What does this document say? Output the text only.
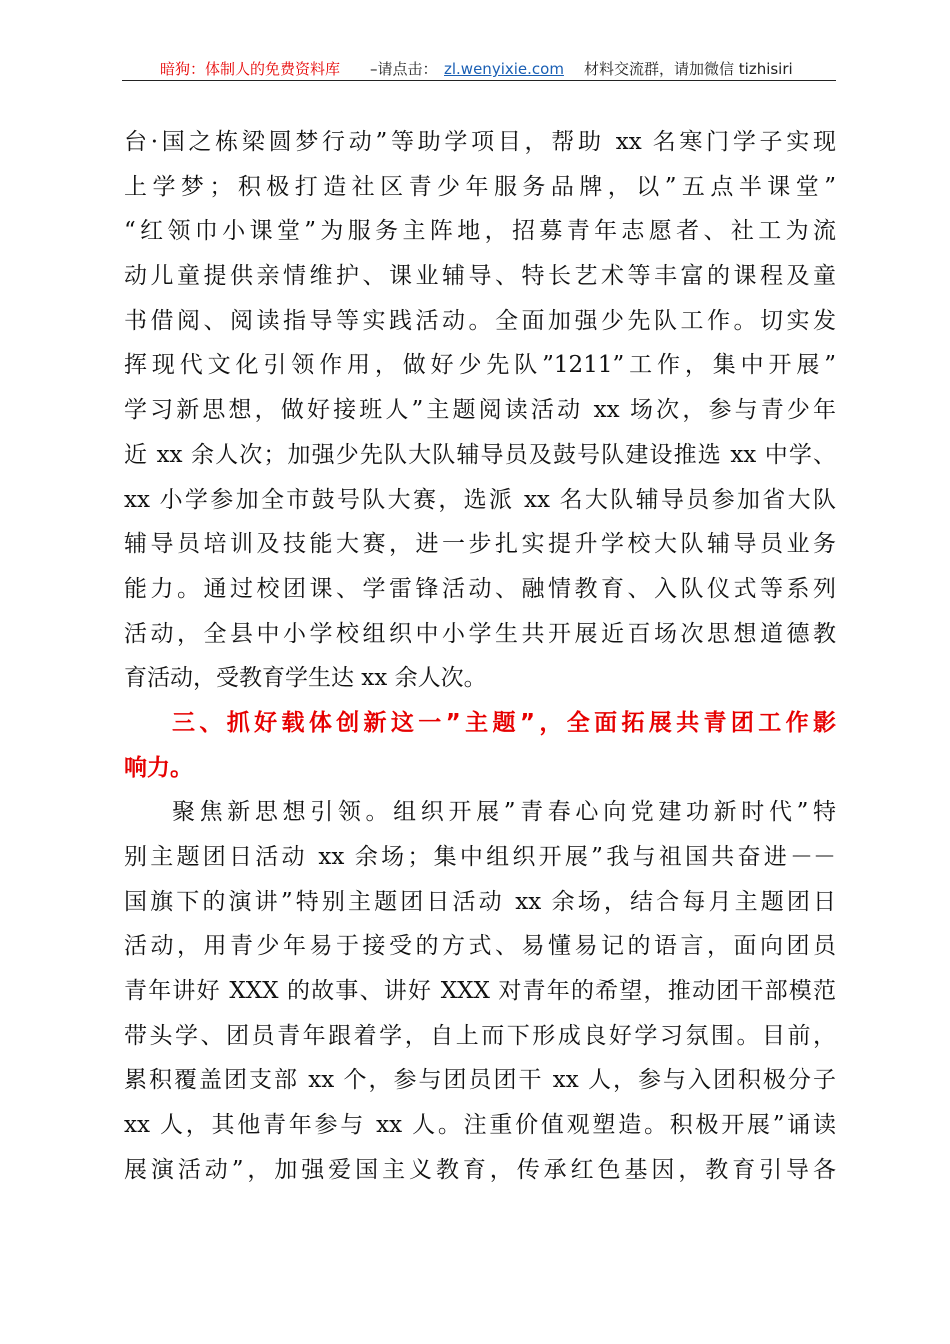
暗狗：体制人的免费资料库 –请点击： zl.wenyixie.com 材料交流群，请加微信 tizhisiri
台·国之栋梁圆梦行动”等助学项目，帮助 xx 名寒门学子实现
上学梦；积极打造社区青少年服务品牌，以”五点半课堂”
“红领巾小课堂”为服务主阵地，招募青年志愿者、社工为流
动儿童提供亲情维护、课业辅导、特长艺术等丰富的课程及童
书借阅、阅读指导等实践活动。全面加强少先队工作。切实发
挥现代文化引领作用，做好少先队”1211”工作，集中开展”
学习新思想，做好接班人”主题阅读活动 xx 场次，参与青少年
近 xx 余人次；加强少先队大队辅导员及鼓号队建设推选 xx 中学、
xx 小学参加全市鼓号队大赛，选派 xx 名大队辅导员参加省大队
辅导员培训及技能大赛，进一步扎实提升学校大队辅导员业务
能力。通过校团课、学雷锋活动、融情教育、入队仪式等系列
活动，全县中小学校组织中小学生共开展近百场次思想道德教
育活动，受教育学生达 xx 余人次。
三、抓好载体创新这一”主题”，全面拓展共青团工作影
响力。
聚焦新思想引领。组织开展”青春心向党建功新时代”特
别主题团日活动 xx 余场；集中组织开展”我与祖国共奋进－－
国旗下的演讲”特别主题团日活动 xx 余场，结合每月主题团日
活动，用青少年易于接受的方式、易懂易记的语言，面向团员
青年讲好 XXX 的故事、讲好 XXX 对青年的希望，推动团干部模范
带头学、团员青年跟着学，自上而下形成良好学习氛围。目前，
累积覆盖团支部 xx 个，参与团员团干 xx 人，参与入团积极分子
xx 人，其他青年参与 xx 人。注重价值观塑造。积极开展”诵读
展演活动”，加强爱国主义教育，传承红色基因，教育引导各
